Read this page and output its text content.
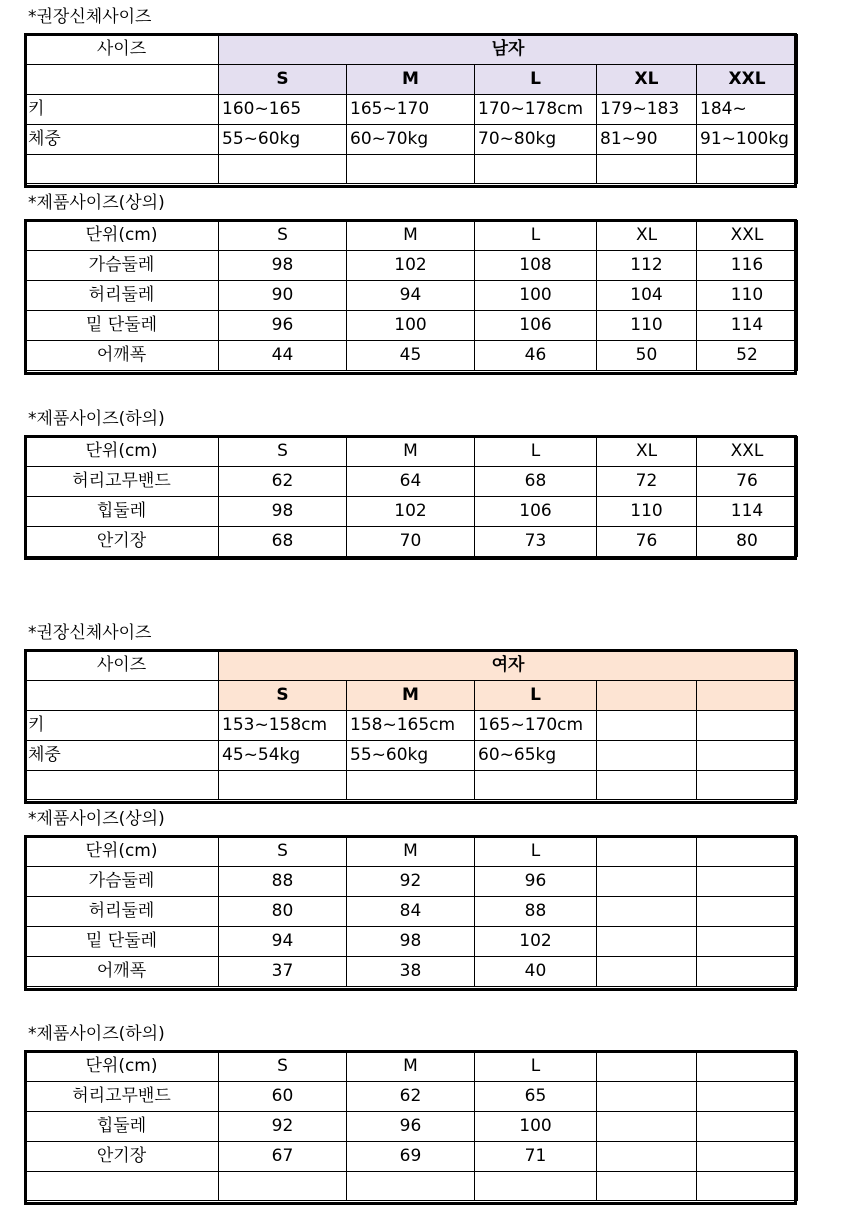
*권장신체사이즈
사이즈	남자				
	S	M	L	XL	XXL
키	160~165	165~170	170~178cm	179~183	184~
체중	55~60kg	60~70kg	70~80kg	81~90	91~100kg

*제품사이즈(상의)
단위(cm)	S	M	L	XL	XXL
가슴둘레	98	102	108	112	116
허리둘레	90	94	100	104	110
밑 단둘레	96	100	106	110	114
어깨폭	44	45	46	50	52
*제품사이즈(하의)
단위(cm)	S	M	L	XL	XXL
허리고무밴드	62	64	68	72	76
힙둘레	98	102	106	110	114
안기장	68	70	73	76	80
*권장신체사이즈
사이즈	여자				
	S	M	L		
키	153~158cm	158~165cm	165~170cm		
체중	45~54kg	55~60kg	60~65kg		

*제품사이즈(상의)
단위(cm)	S	M	L		
가슴둘레	88	92	96		
허리둘레	80	84	88		
밑 단둘레	94	98	102		
어깨폭	37	38	40		
*제품사이즈(하의)
단위(cm)	S	M	L		
허리고무밴드	60	62	65		
힙둘레	92	96	100		
안기장	67	69	71		
